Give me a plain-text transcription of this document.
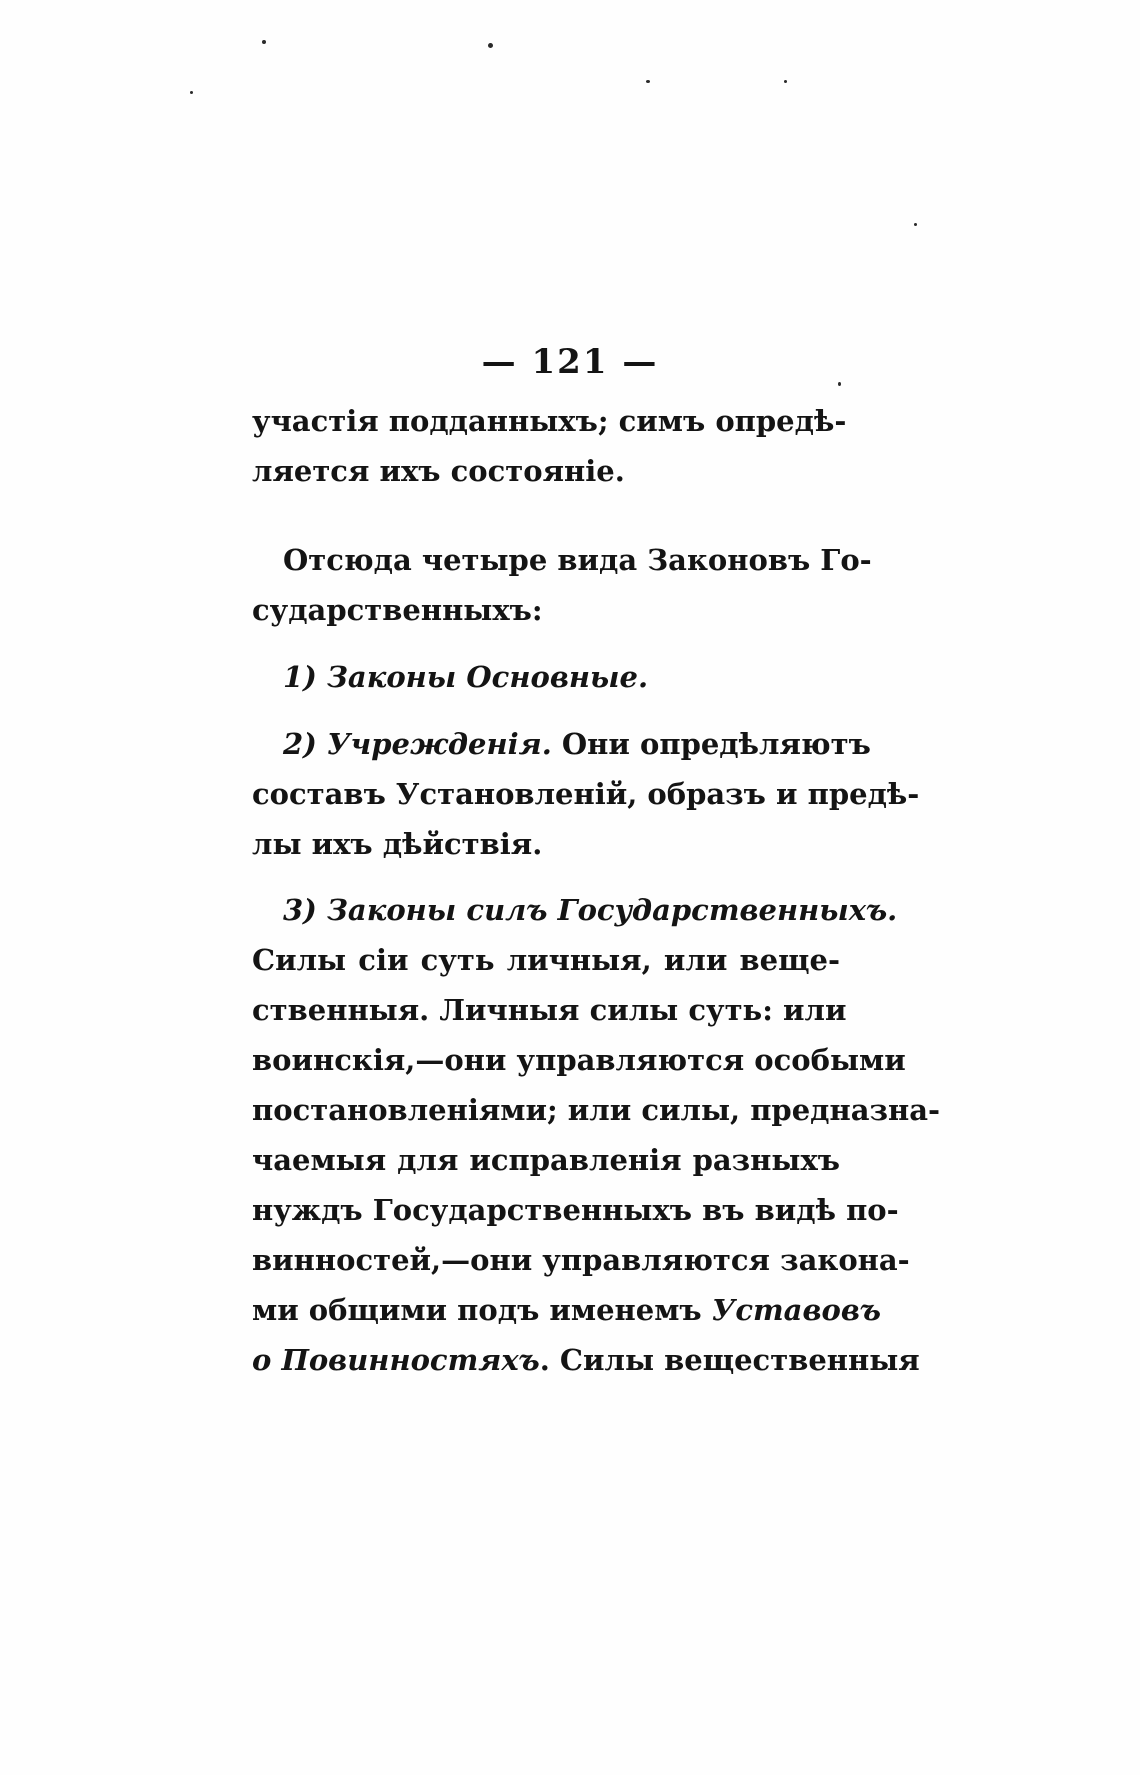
— 121 —
участія подданныхъ; симъ опредѣ-
ляется ихъ состояніе.
Отсюда четыре вида Законовъ Го-
сударственныхъ:
1) Законы Основные.
2) Учрежденія. Они опредѣляютъ
составъ Установленій, образъ и предѣ-
лы ихъ дѣйствія.
3) Законы силъ Государственныхъ.
Силы сіи суть личныя, или веще-
ственныя. Личныя силы суть: или
воинскія,—они управляются особыми
постановленіями; или силы, предназна-
чаемыя для исправленія разныхъ
нуждъ Государственныхъ въ видѣ по-
винностей,—они управляются закона-
ми общими подъ именемъ Уставовъ
о Повинностяхъ. Силы вещественныя
